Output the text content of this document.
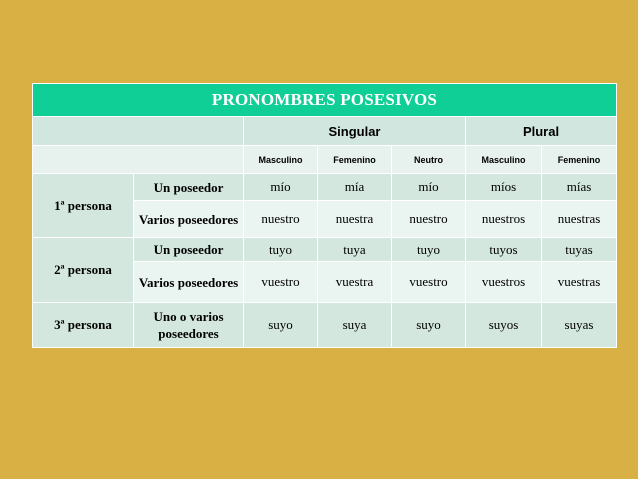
PRONOMBRES POSESIVOS						
		Singular			Plural	
		Masculino	Femenino	Neutro	Masculino	Femenino
1ª persona	Un poseedor	mío	mía	mío	míos	mías
	Varios poseedores	nuestro	nuestra	nuestro	nuestros	nuestras
2ª persona	Un poseedor	tuyo	tuya	tuyo	tuyos	tuyas
	Varios poseedores	vuestro	vuestra	vuestro	vuestros	vuestras
3ª persona	Uno o varios poseedores	suyo	suya	suyo	suyos	suyas
